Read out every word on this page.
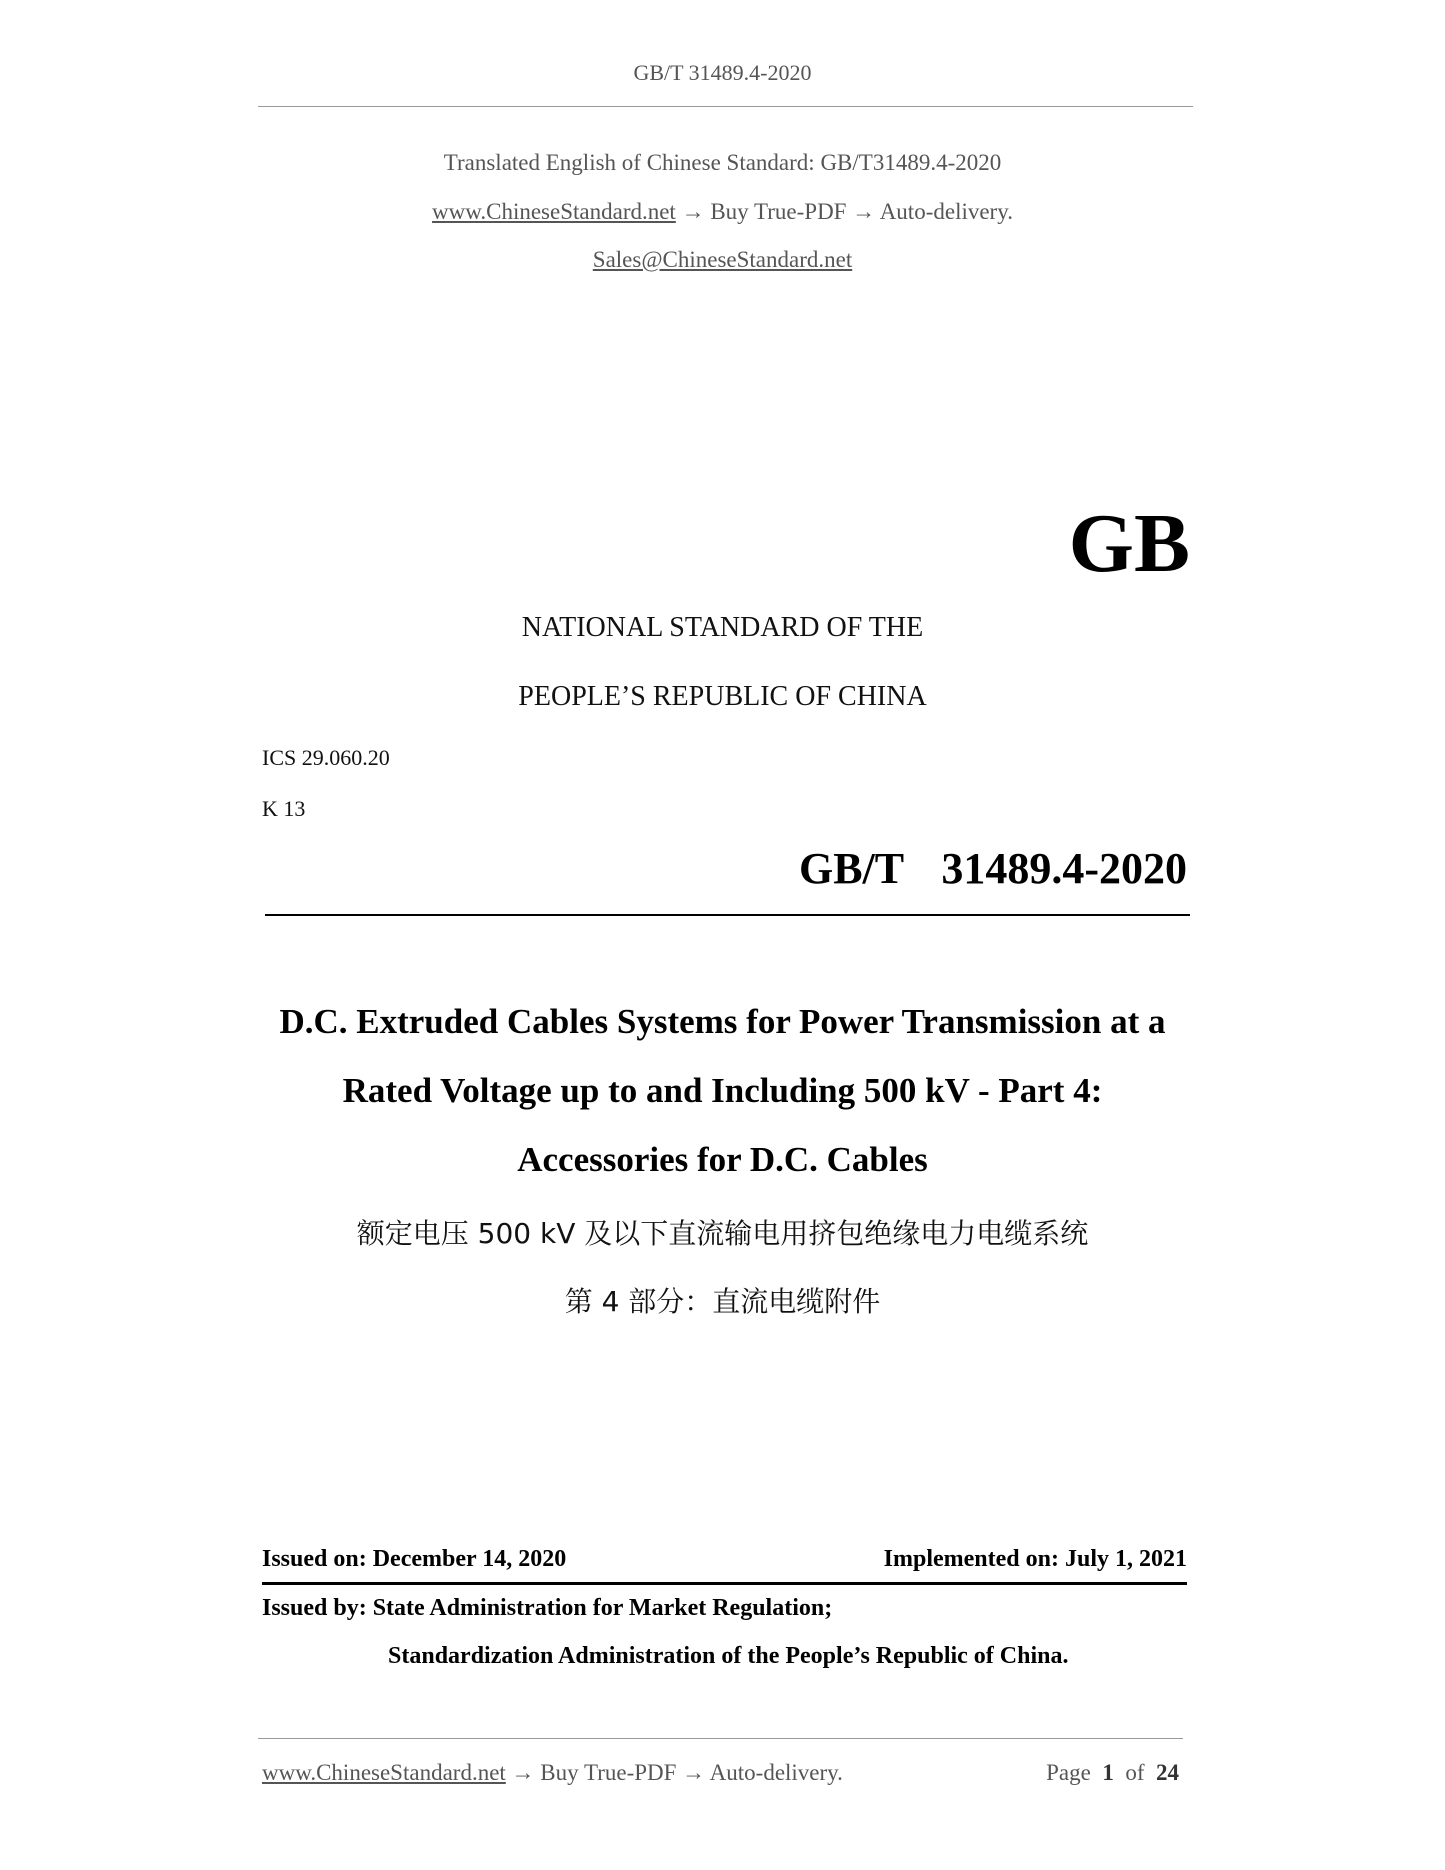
GB/T 31489.4-2020
Translated English of Chinese Standard: GB/T31489.4-2020
www.ChineseStandard.net → Buy True-PDF → Auto-delivery.
Sales@ChineseStandard.net
GB
NATIONAL STANDARD OF THE
PEOPLE’S REPUBLIC OF CHINA
ICS 29.060.20
K 13
GB/T  31489.4-2020
D.C. Extruded Cables Systems for Power Transmission at a
Rated Voltage up to and Including 500 kV - Part 4:
Accessories for D.C. Cables
额定电压 500 kV 及以下直流输电用挤包绝缘电力电缆系统
第 4 部分：直流电缆附件
Issued on: December 14, 2020	Implemented on: July 1, 2021
Issued by: State Administration for Market Regulation;
Standardization Administration of the People’s Republic of China.
www.ChineseStandard.net → Buy True-PDF → Auto-delivery.	Page 1 of 24
